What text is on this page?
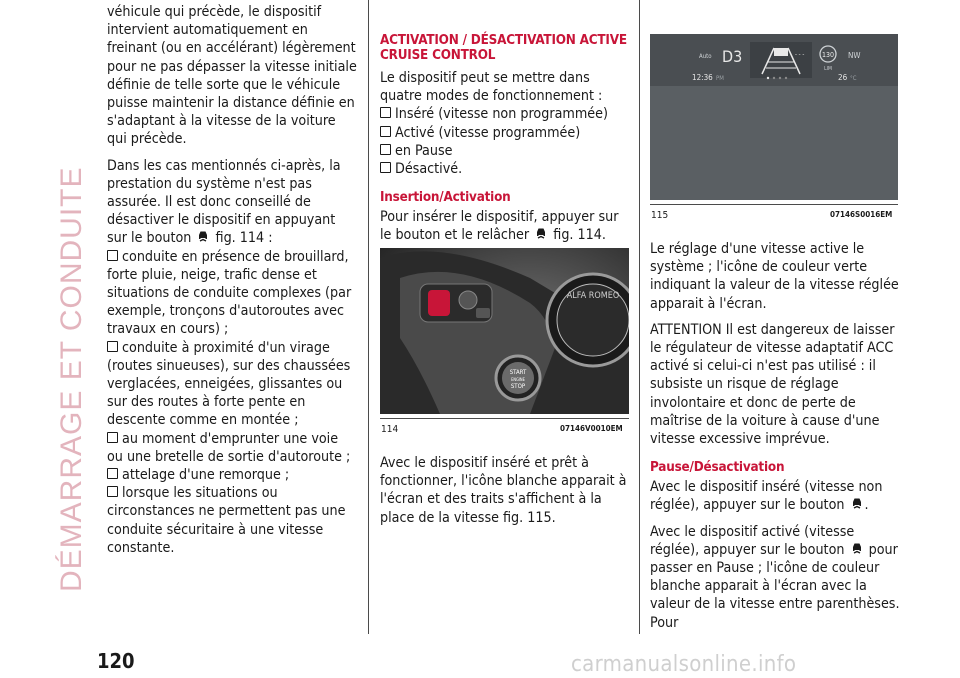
DÉMARRAGE ET CONDUITE

véhicule qui précède, le dispositif intervient automatiquement en freinant (ou en accélérant) légèrement pour ne pas dépasser la vitesse initiale définie de telle sorte que le véhicule puisse maintenir la distance définie en s'adaptant à la vitesse de la voiture qui précède.

Dans les cas mentionnés ci-après, la prestation du système n'est pas assurée. Il est donc conseillé de désactiver le dispositif en appuyant sur le bouton fig. 114 :

conduite en présence de brouillard, forte pluie, neige, trafic dense et situations de conduite complexes (par exemple, tronçons d'autoroutes avec travaux en cours) ;
conduite à proximité d'un virage (routes sinueuses), sur des chaussées verglacées, enneigées, glissantes ou sur des routes à forte pente en descente comme en montée ;
au moment d'emprunter une voie ou une bretelle de sortie d'autoroute ;
attelage d'une remorque ;
lorsque les situations ou circonstances ne permettent pas une conduite sécuritaire à une vitesse constante.
ACTIVATION / DÉSACTIVATION ACTIVE CRUISE CONTROL

Le dispositif peut se mettre dans quatre modes de fonctionnement :

Inséré (vitesse non programmée)
Activé (vitesse programmée)
en Pause
Désactivé.
Insertion/Activation

Pour insérer le dispositif, appuyer sur le bouton et le relâcher fig. 114.

ALFA ROMEO
START
ENGINE
STOP
114	07146V0010EM

Avec le dispositif inséré et prêt à fonctionner, l'icône blanche apparait à l'écran et des traits s'affichent à la place de la vitesse fig. 115.

Auto D3	- - -	130
LIM
NW
12:36 PM	26 °C
115	07146S0016EM

Le réglage d'une vitesse active le système ; l'icône de couleur verte indiquant la valeur de la vitesse réglée apparait à l'écran.

ATTENTION Il est dangereux de laisser le régulateur de vitesse adaptatif ACC activé si celui-ci n'est pas utilisé : il subsiste un risque de réglage involontaire et donc de perte de maîtrise de la voiture à cause d'une vitesse excessive imprévue.

Pause/Désactivation

Avec le dispositif inséré (vitesse non réglée), appuyer sur le bouton .

Avec le dispositif activé (vitesse réglée), appuyer sur le bouton pour passer en Pause ; l'icône de couleur blanche apparait à l'écran avec la valeur de la vitesse entre parenthèses. Pour

120	carmanualsonline.info
